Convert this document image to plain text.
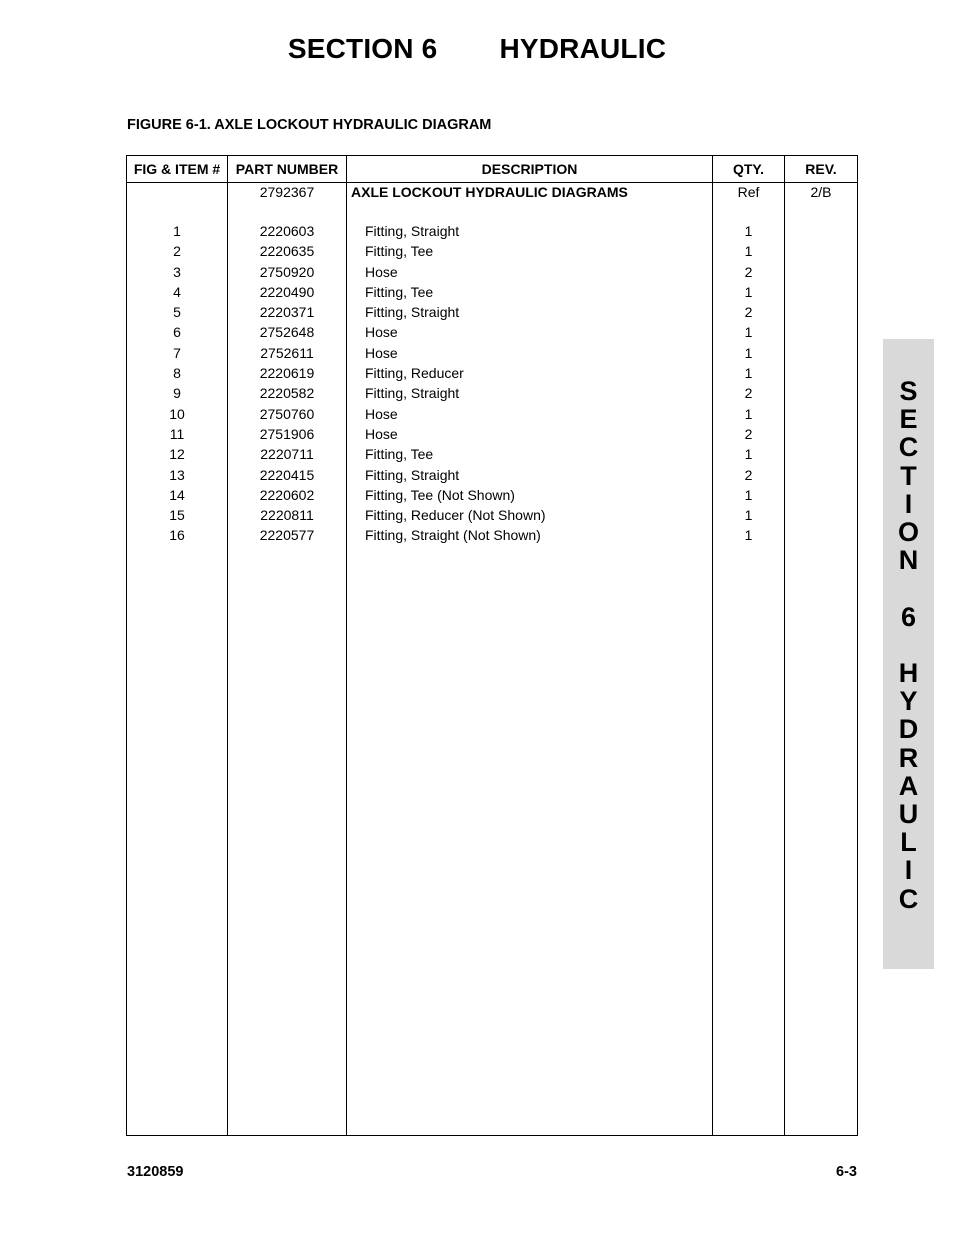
SECTION 6 HYDRAULIC
FIGURE 6-1. AXLE LOCKOUT HYDRAULIC DIAGRAM
FIG & ITEM #	PART NUMBER	DESCRIPTION	QTY.	REV.
	2792367	AXLE LOCKOUT HYDRAULIC DIAGRAMS	Ref	2/B

1	2220603	Fitting, Straight	1	
2	2220635	Fitting, Tee	1	
3	2750920	Hose	2	
4	2220490	Fitting, Tee	1	
5	2220371	Fitting, Straight	2	
6	2752648	Hose	1	
7	2752611	Hose	1	
8	2220619	Fitting, Reducer	1	
9	2220582	Fitting, Straight	2	
10	2750760	Hose	1	
11	2751906	Hose	2	
12	2220711	Fitting, Tee	1	
13	2220415	Fitting, Straight	2	
14	2220602	Fitting, Tee (Not Shown)	1	
15	2220811	Fitting, Reducer (Not Shown)	1	
16	2220577	Fitting, Straight (Not Shown)	1	

S
E
C
T
I
O
N
6
H
Y
D
R
A
U
L
I
C
3120859	6-3
